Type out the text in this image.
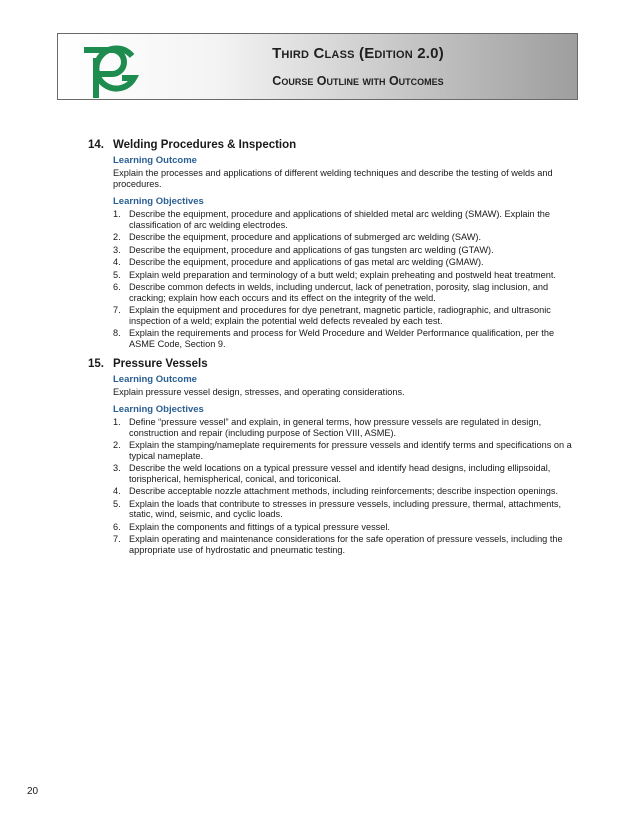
Third Class (Edition 2.0)
Course Outline with Outcomes
14. Welding Procedures & Inspection
Learning Outcome
Explain the processes and applications of different welding techniques and describe the testing of welds and procedures.
Learning Objectives
1. Describe the equipment, procedure and applications of shielded metal arc welding (SMAW). Explain the classification of arc welding electrodes.
2. Describe the equipment, procedure and applications of submerged arc welding (SAW).
3. Describe the equipment, procedure and applications of gas tungsten arc welding (GTAW).
4. Describe the equipment, procedure and applications of gas metal arc welding (GMAW).
5. Explain weld preparation and terminology of a butt weld; explain preheating and postweld heat treatment.
6. Describe common defects in welds, including undercut, lack of penetration, porosity, slag inclusion, and cracking; explain how each occurs and its effect on the integrity of the weld.
7. Explain the equipment and procedures for dye penetrant, magnetic particle, radiographic, and ultrasonic inspection of a weld; explain the potential weld defects revealed by each test.
8. Explain the requirements and process for Weld Procedure and Welder Performance qualification, per the ASME Code, Section 9.
15. Pressure Vessels
Learning Outcome
Explain pressure vessel design, stresses, and operating considerations.
Learning Objectives
1. Define “pressure vessel” and explain, in general terms, how pressure vessels are regulated in design, construction and repair (including purpose of Section VIII, ASME).
2. Explain the stamping/nameplate requirements for pressure vessels and identify terms and specifications on a typical nameplate.
3. Describe the weld locations on a typical pressure vessel and identify head designs, including ellipsoidal, torispherical, hemispherical, conical, and toriconical.
4. Describe acceptable nozzle attachment methods, including reinforcements; describe inspection openings.
5. Explain the loads that contribute to stresses in pressure vessels, including pressure, thermal, attachments, static, wind, seismic, and cyclic loads.
6. Explain the components and fittings of a typical pressure vessel.
7. Explain operating and maintenance considerations for the safe operation of pressure vessels, including the appropriate use of hydrostatic and pneumatic testing.
20
